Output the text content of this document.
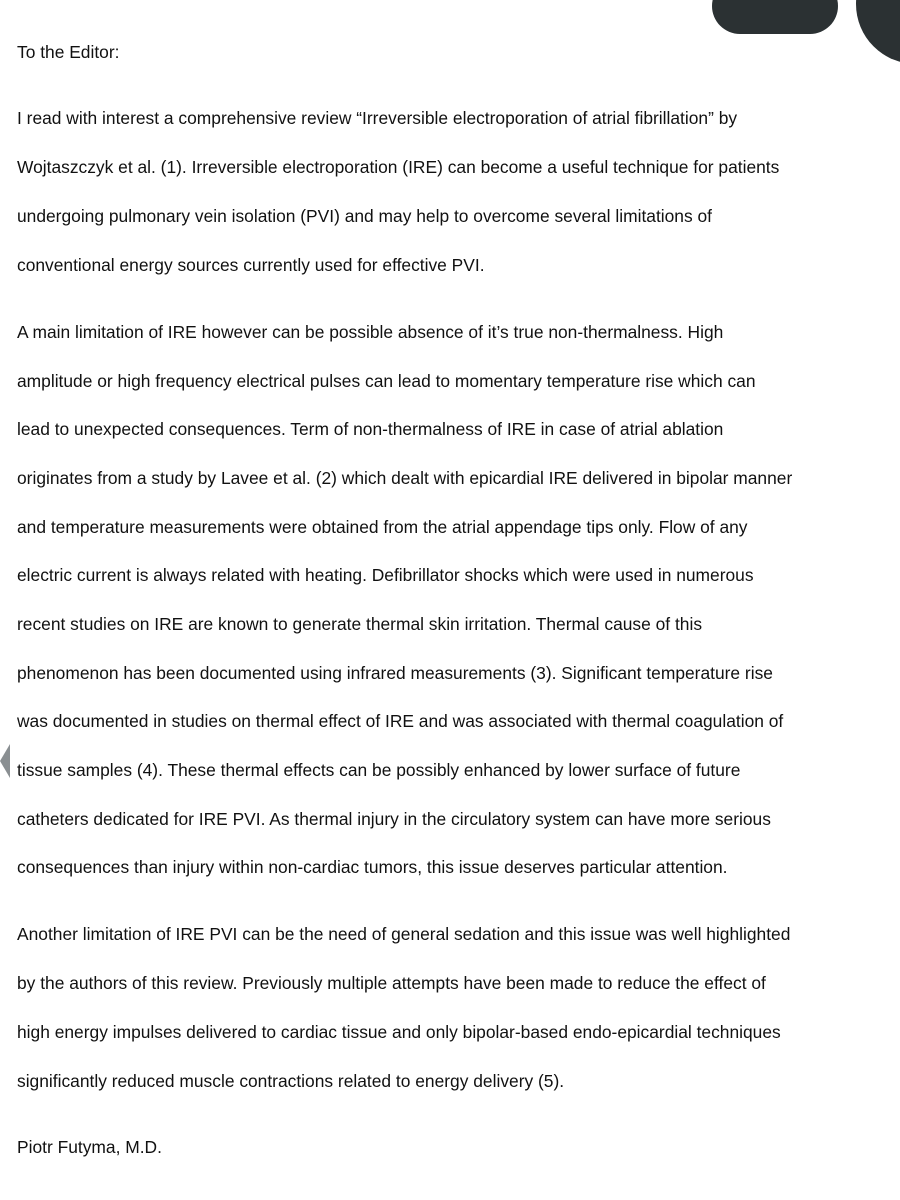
To the Editor:
I read with interest a comprehensive review “Irreversible electroporation of atrial fibrillation” by
Wojtaszczyk et al. (1). Irreversible electroporation (IRE) can become a useful technique for patients
undergoing pulmonary vein isolation (PVI) and may help to overcome several limitations of
conventional energy sources currently used for effective PVI.
A main limitation of IRE however can be possible absence of it’s true non-thermalness. High
amplitude or high frequency electrical pulses can lead to momentary temperature rise which can
lead to unexpected consequences. Term of non-thermalness of IRE in case of atrial ablation
originates from a study by Lavee et al. (2) which dealt with epicardial IRE delivered in bipolar manner
and temperature measurements were obtained from the atrial appendage tips only. Flow of any
electric current is always related with heating. Defibrillator shocks which were used in numerous
recent studies on IRE are known to generate thermal skin irritation. Thermal cause of this
phenomenon has been documented using infrared measurements (3). Significant temperature rise
was documented in studies on thermal effect of IRE and was associated with thermal coagulation of
tissue samples (4). These thermal effects can be possibly enhanced by lower surface of future
catheters dedicated for IRE PVI. As thermal injury in the circulatory system can have more serious
consequences than injury within non-cardiac tumors, this issue deserves particular attention.
Another limitation of IRE PVI can be the need of general sedation and this issue was well highlighted
by the authors of this review. Previously multiple attempts have been made to reduce the effect of
high energy impulses delivered to cardiac tissue and only bipolar-based endo-epicardial techniques
significantly reduced muscle contractions related to energy delivery (5).
Piotr Futyma, M.D.
